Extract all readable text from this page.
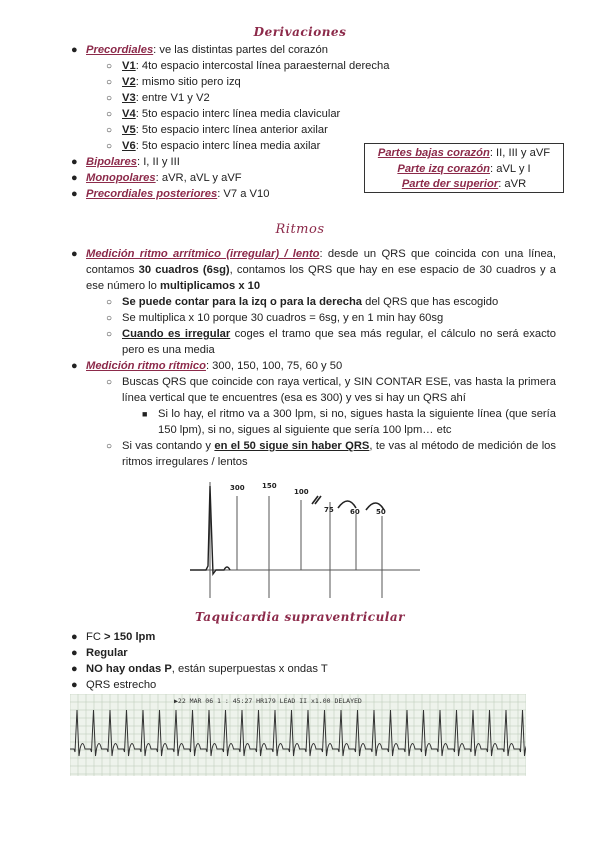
Derivaciones
● Precordiales: ve las distintas partes del corazón
○ V1: 4to espacio intercostal línea paraesternal derecha
○ V2: mismo sitio pero izq
○ V3: entre V1 y V2
○ V4: 5to espacio interc línea media clavicular
○ V5: 5to espacio interc línea anterior axilar
○ V6: 5to espacio interc línea media axilar
● Bipolares: I, II y III
● Monopolares: aVR, aVL y aVF
● Precordiales posteriores: V7 a V10
Partes bajas corazón: II, III y aVF
Parte izq corazón: aVL y I
Parte der superior: aVR
Ritmos
● Medición ritmo arrítmico (irregular) / lento: desde un QRS que coincida con una línea, contamos 30 cuadros (6sg), contamos los QRS que hay en ese espacio de 30 cuadros y a ese número lo multiplicamos x 10
○ Se puede contar para la izq o para la derecha del QRS que has escogido
○ Se multiplica x 10 porque 30 cuadros = 6sg, y en 1 min hay 60sg
○ Cuando es irregular coges el tramo que sea más regular, el cálculo no será exacto pero es una media
● Medición ritmo rítmico: 300, 150, 100, 75, 60 y 50
○ Buscas QRS que coincide con raya vertical, y SIN CONTAR ESE, vas hasta la primera línea vertical que te encuentres (esa es 300) y ves si hay un QRS ahí
■ Si lo hay, el ritmo va a 300 lpm, si no, sigues hasta la siguiente línea (que sería 150 lpm), si no, sigues al siguiente que sería 100 lpm… etc
○ Si vas contando y en el 50 sigue sin haber QRS, te vas al método de medición de los ritmos irregulares / lentos
300 150
100
75 60 50
Taquicardia supraventricular
● FC > 150 lpm
● Regular
● NO hay ondas P, están superpuestas x ondas T
● QRS estrecho
▶22 MAR 06 1 : 45:27 HR179 LEAD II x1.00 DELAYED
